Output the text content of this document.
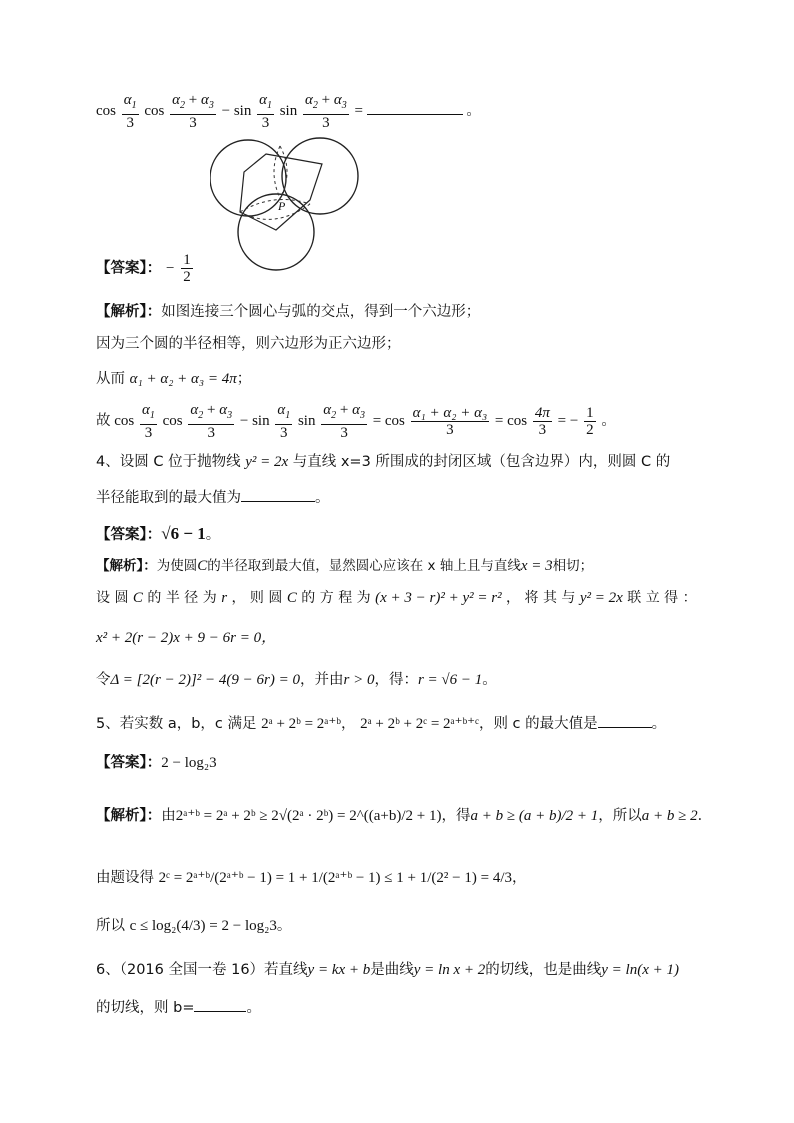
$\cos \frac{\alpha_1}{3}$ $\cos \frac{\alpha_2 + \alpha_3}{3} - \sin \frac{\alpha_1}{3}$ $\sin \frac{\alpha_2 + \alpha_3}{3}$ =	。
P
【答案】： − $\frac{1}{2}$
【解析】：如图连接三个圆心与弧的交点，得到一个六边形；
因为三个圆的半径相等，则六边形为正六边形；
从而 α₁ + α₂ + α₃ = 4π；
故 $\cos \frac{\alpha_1}{3}$ $\cos \frac{\alpha_2 + \alpha_3}{3} - \sin \frac{\alpha_1}{3}$ $\sin \frac{\alpha_2 + \alpha_3}{3} = \cos \frac{\text{α₁ + α₂ + α₃}}{3} = \cos \frac{4\pi}{3}$ = − $\frac{1}{2}$ 。
4、设圆 C 位于抛物线 y² = 2x 与直线 x=3 所围成的封闭区域（包含边界）内，则圆 C 的
半径能取到的最大值为	。
【答案】：√6 − 1。
【解析】：为使圆C的半径取到最大值，显然圆心应该在 x 轴上且与直线x = 3相切；
设 圆 C 的 半 径 为 r ， 则 圆 C 的 方 程 为 (x + 3 − r)² + y² = r² ， 将 其 与 y² = 2x 联 立 得 ：
x² + 2(r − 2)x + 9 − 6r = 0，
令Δ = [2(r − 2)]² − 4(9 − 6r) = 0，并由r > 0，得：r = √6 − 1。
5、若实数 a，b，c 满足 2ᵃ + 2ᵇ = 2ᵃ⁺ᵇ， 2ᵃ + 2ᵇ + 2ᶜ = 2ᵃ⁺ᵇ⁺ᶜ，则 c 的最大值是	。
【答案】：2 − log₂3
【解析】：由2ᵃ⁺ᵇ = 2ᵃ + 2ᵇ ≥ 2√(2ᵃ · 2ᵇ) = 2^((a+b)/2 + 1)，得a + b ≥ (a + b)/2 + 1，所以a + b ≥ 2．
由题设得 2ᶜ = 2ᵃ⁺ᵇ/(2ᵃ⁺ᵇ − 1) = 1 + 1/(2ᵃ⁺ᵇ − 1) ≤ 1 + 1/(2² − 1) = 4/3，
所以 c ≤ log₂(4/3) = 2 − log₂3。
6、（2016 全国一卷 16）若直线y = kx + b是曲线y = ln x + 2的切线，也是曲线y = ln(x + 1)
的切线，则 b=	。
